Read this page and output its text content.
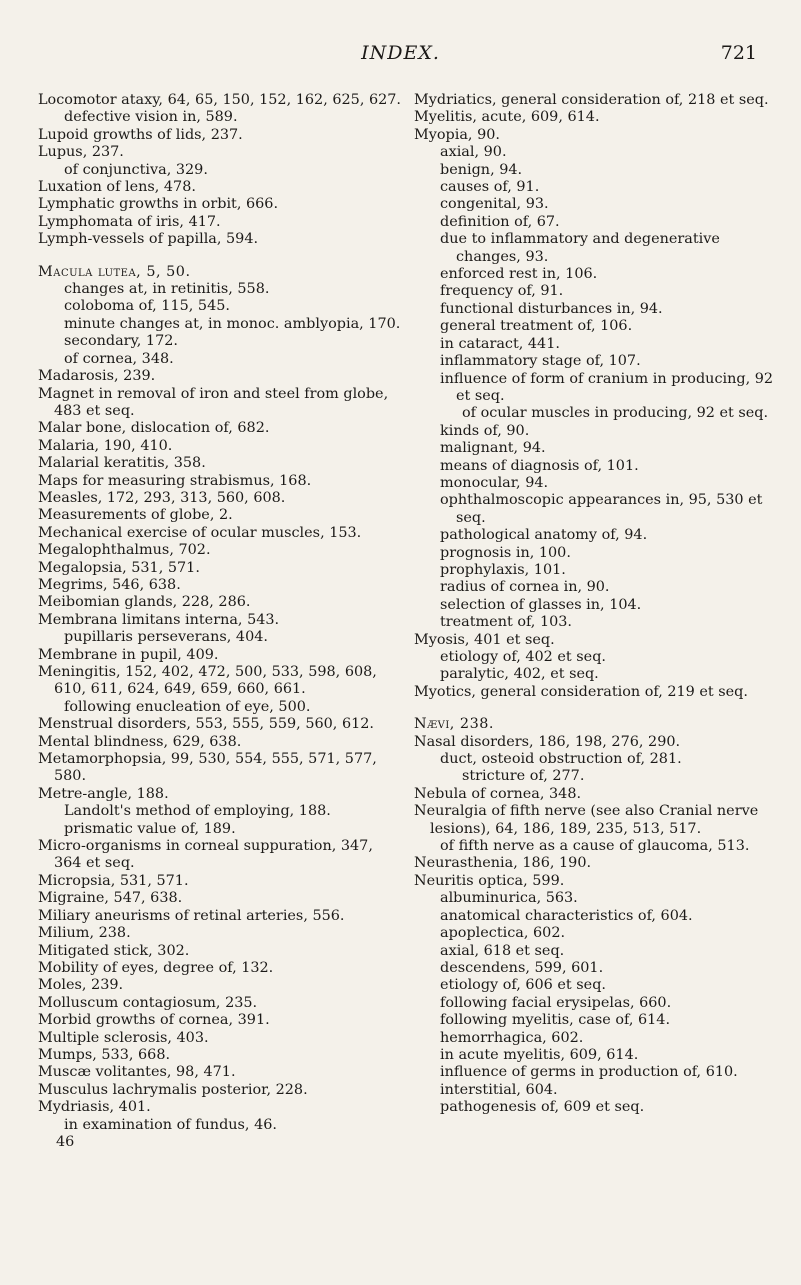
INDEX.	721

Locomotor ataxy, 64, 65, 150, 152, 162, 625, 627.

defective vision in, 589.

Lupoid growths of lids, 237.

Lupus, 237.

of conjunctiva, 329.

Luxation of lens, 478.

Lymphatic growths in orbit, 666.

Lymphomata of iris, 417.

Lymph-vessels of papilla, 594.

Macula lutea, 5, 50.

changes at, in retinitis, 558.

coloboma of, 115, 545.

minute changes at, in monoc. amblyopia, 170.

secondary, 172.

of cornea, 348.

Madarosis, 239.

Magnet in removal of iron and steel from globe, 483 et seq.

Malar bone, dislocation of, 682.

Malaria, 190, 410.

Malarial keratitis, 358.

Maps for measuring strabismus, 168.

Measles, 172, 293, 313, 560, 608.

Measurements of globe, 2.

Mechanical exercise of ocular muscles, 153.

Megalophthalmus, 702.

Megalopsia, 531, 571.

Megrims, 546, 638.

Meibomian glands, 228, 286.

Membrana limitans interna, 543.

pupillaris perseverans, 404.

Membrane in pupil, 409.

Meningitis, 152, 402, 472, 500, 533, 598, 608, 610, 611, 624, 649, 659, 660, 661.

following enucleation of eye, 500.

Menstrual disorders, 553, 555, 559, 560, 612.

Mental blindness, 629, 638.

Metamorphopsia, 99, 530, 554, 555, 571, 577, 580.

Metre-angle, 188.

Landolt's method of employing, 188.

prismatic value of, 189.

Micro-organisms in corneal suppuration, 347, 364 et seq.

Micropsia, 531, 571.

Migraine, 547, 638.

Miliary aneurisms of retinal arteries, 556.

Milium, 238.

Mitigated stick, 302.

Mobility of eyes, degree of, 132.

Moles, 239.

Molluscum contagiosum, 235.

Morbid growths of cornea, 391.

Multiple sclerosis, 403.

Mumps, 533, 668.

Muscæ volitantes, 98, 471.

Musculus lachrymalis posterior, 228.

Mydriasis, 401.

in examination of fundus, 46.

46

Mydriatics, general consideration of, 218 et seq.

Myelitis, acute, 609, 614.

Myopia, 90.

axial, 90.

benign, 94.

causes of, 91.

congenital, 93.

definition of, 67.

due to inflammatory and degenerative changes, 93.

enforced rest in, 106.

frequency of, 91.

functional disturbances in, 94.

general treatment of, 106.

in cataract, 441.

inflammatory stage of, 107.

influence of form of cranium in producing, 92 et seq.

of ocular muscles in producing, 92 et seq.

kinds of, 90.

malignant, 94.

means of diagnosis of, 101.

monocular, 94.

ophthalmoscopic appearances in, 95, 530 et seq.

pathological anatomy of, 94.

prognosis in, 100.

prophylaxis, 101.

radius of cornea in, 90.

selection of glasses in, 104.

treatment of, 103.

Myosis, 401 et seq.

etiology of, 402 et seq.

paralytic, 402, et seq.

Myotics, general consideration of, 219 et seq.

Nævi, 238.

Nasal disorders, 186, 198, 276, 290.

duct, osteoid obstruction of, 281.

stricture of, 277.

Nebula of cornea, 348.

Neuralgia of fifth nerve (see also Cranial nerve lesions), 64, 186, 189, 235, 513, 517.

of fifth nerve as a cause of glaucoma, 513.

Neurasthenia, 186, 190.

Neuritis optica, 599.

albuminurica, 563.

anatomical characteristics of, 604.

apoplectica, 602.

axial, 618 et seq.

descendens, 599, 601.

etiology of, 606 et seq.

following facial erysipelas, 660.

following myelitis, case of, 614.

hemorrhagica, 602.

in acute myelitis, 609, 614.

influence of germs in production of, 610.

interstitial, 604.

pathogenesis of, 609 et seq.
